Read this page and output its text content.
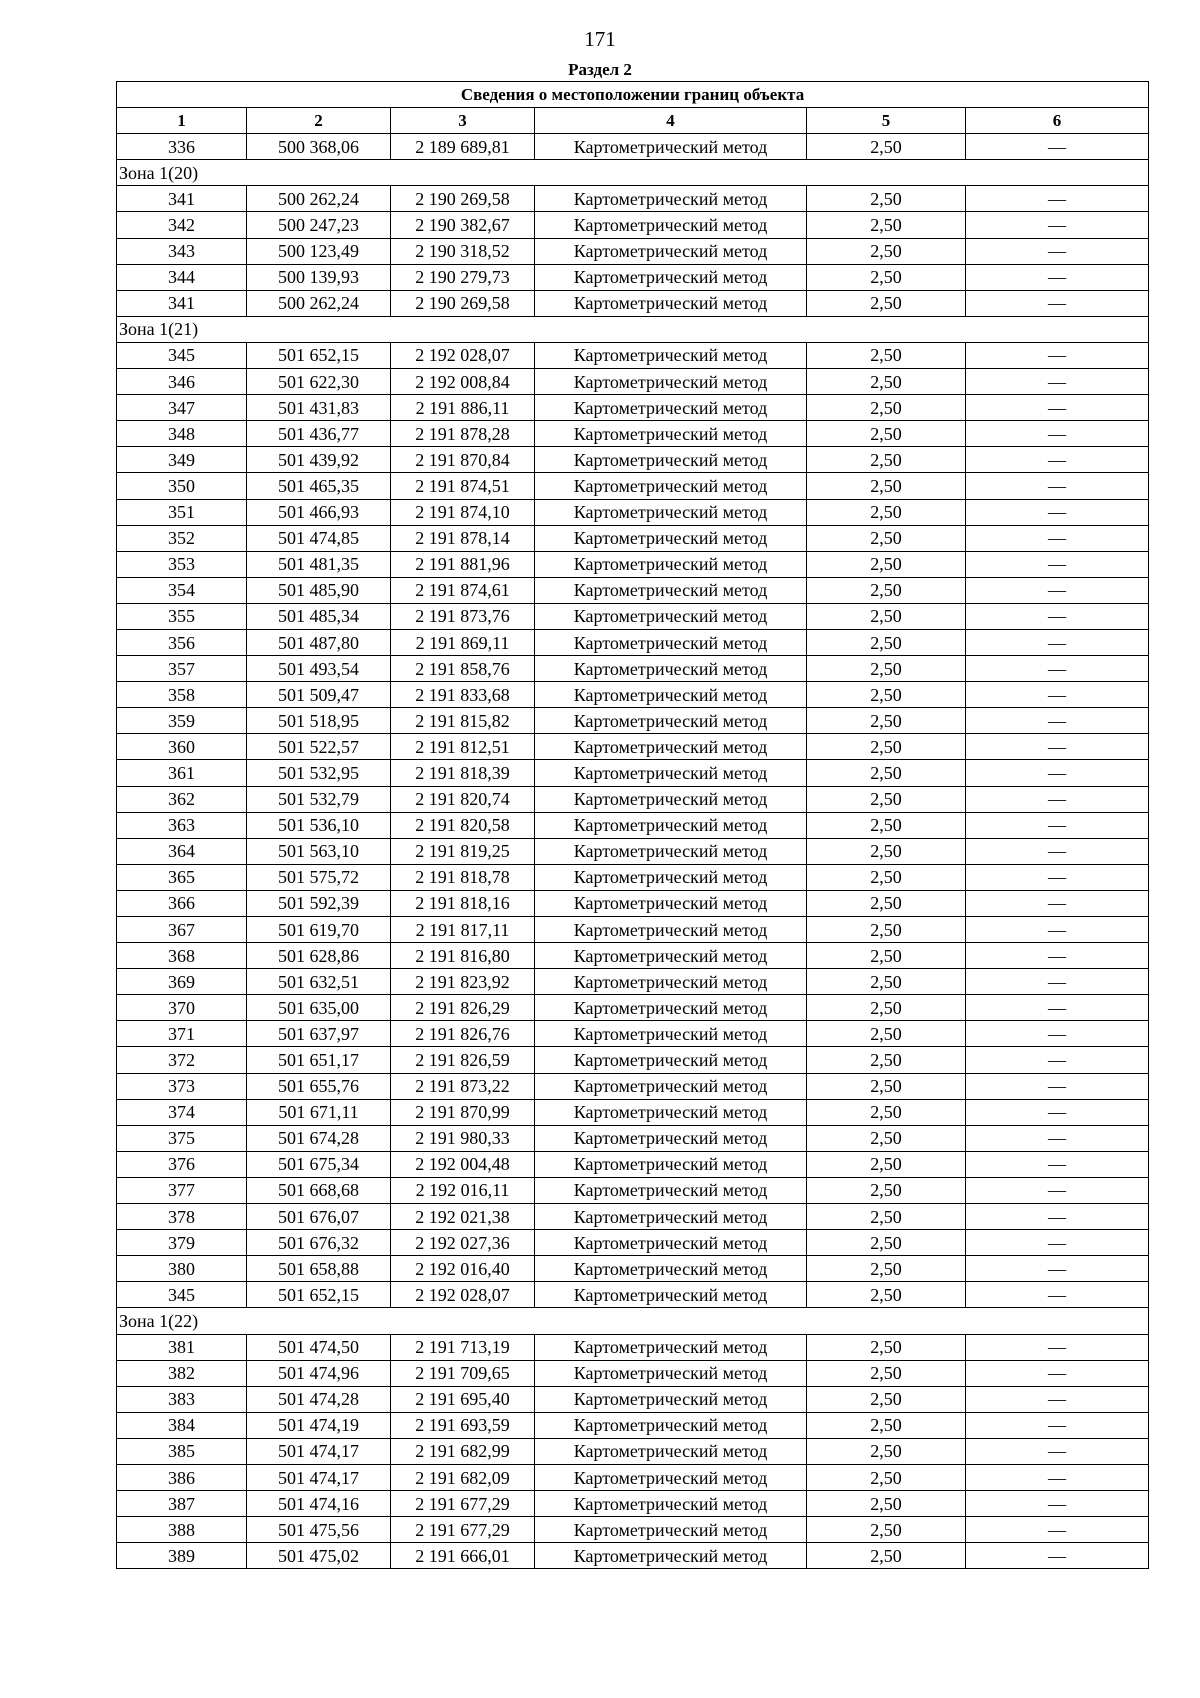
171
Раздел 2
Сведения о местоположении границ объекта					
1	2	3	4	5	6
336	500 368,06	2 189 689,81	Картометрический метод	2,50	—
Зона 1(20)					
341	500 262,24	2 190 269,58	Картометрический метод	2,50	—
342	500 247,23	2 190 382,67	Картометрический метод	2,50	—
343	500 123,49	2 190 318,52	Картометрический метод	2,50	—
344	500 139,93	2 190 279,73	Картометрический метод	2,50	—
341	500 262,24	2 190 269,58	Картометрический метод	2,50	—
Зона 1(21)					
345	501 652,15	2 192 028,07	Картометрический метод	2,50	—
346	501 622,30	2 192 008,84	Картометрический метод	2,50	—
347	501 431,83	2 191 886,11	Картометрический метод	2,50	—
348	501 436,77	2 191 878,28	Картометрический метод	2,50	—
349	501 439,92	2 191 870,84	Картометрический метод	2,50	—
350	501 465,35	2 191 874,51	Картометрический метод	2,50	—
351	501 466,93	2 191 874,10	Картометрический метод	2,50	—
352	501 474,85	2 191 878,14	Картометрический метод	2,50	—
353	501 481,35	2 191 881,96	Картометрический метод	2,50	—
354	501 485,90	2 191 874,61	Картометрический метод	2,50	—
355	501 485,34	2 191 873,76	Картометрический метод	2,50	—
356	501 487,80	2 191 869,11	Картометрический метод	2,50	—
357	501 493,54	2 191 858,76	Картометрический метод	2,50	—
358	501 509,47	2 191 833,68	Картометрический метод	2,50	—
359	501 518,95	2 191 815,82	Картометрический метод	2,50	—
360	501 522,57	2 191 812,51	Картометрический метод	2,50	—
361	501 532,95	2 191 818,39	Картометрический метод	2,50	—
362	501 532,79	2 191 820,74	Картометрический метод	2,50	—
363	501 536,10	2 191 820,58	Картометрический метод	2,50	—
364	501 563,10	2 191 819,25	Картометрический метод	2,50	—
365	501 575,72	2 191 818,78	Картометрический метод	2,50	—
366	501 592,39	2 191 818,16	Картометрический метод	2,50	—
367	501 619,70	2 191 817,11	Картометрический метод	2,50	—
368	501 628,86	2 191 816,80	Картометрический метод	2,50	—
369	501 632,51	2 191 823,92	Картометрический метод	2,50	—
370	501 635,00	2 191 826,29	Картометрический метод	2,50	—
371	501 637,97	2 191 826,76	Картометрический метод	2,50	—
372	501 651,17	2 191 826,59	Картометрический метод	2,50	—
373	501 655,76	2 191 873,22	Картометрический метод	2,50	—
374	501 671,11	2 191 870,99	Картометрический метод	2,50	—
375	501 674,28	2 191 980,33	Картометрический метод	2,50	—
376	501 675,34	2 192 004,48	Картометрический метод	2,50	—
377	501 668,68	2 192 016,11	Картометрический метод	2,50	—
378	501 676,07	2 192 021,38	Картометрический метод	2,50	—
379	501 676,32	2 192 027,36	Картометрический метод	2,50	—
380	501 658,88	2 192 016,40	Картометрический метод	2,50	—
345	501 652,15	2 192 028,07	Картометрический метод	2,50	—
Зона 1(22)					
381	501 474,50	2 191 713,19	Картометрический метод	2,50	—
382	501 474,96	2 191 709,65	Картометрический метод	2,50	—
383	501 474,28	2 191 695,40	Картометрический метод	2,50	—
384	501 474,19	2 191 693,59	Картометрический метод	2,50	—
385	501 474,17	2 191 682,99	Картометрический метод	2,50	—
386	501 474,17	2 191 682,09	Картометрический метод	2,50	—
387	501 474,16	2 191 677,29	Картометрический метод	2,50	—
388	501 475,56	2 191 677,29	Картометрический метод	2,50	—
389	501 475,02	2 191 666,01	Картометрический метод	2,50	—
